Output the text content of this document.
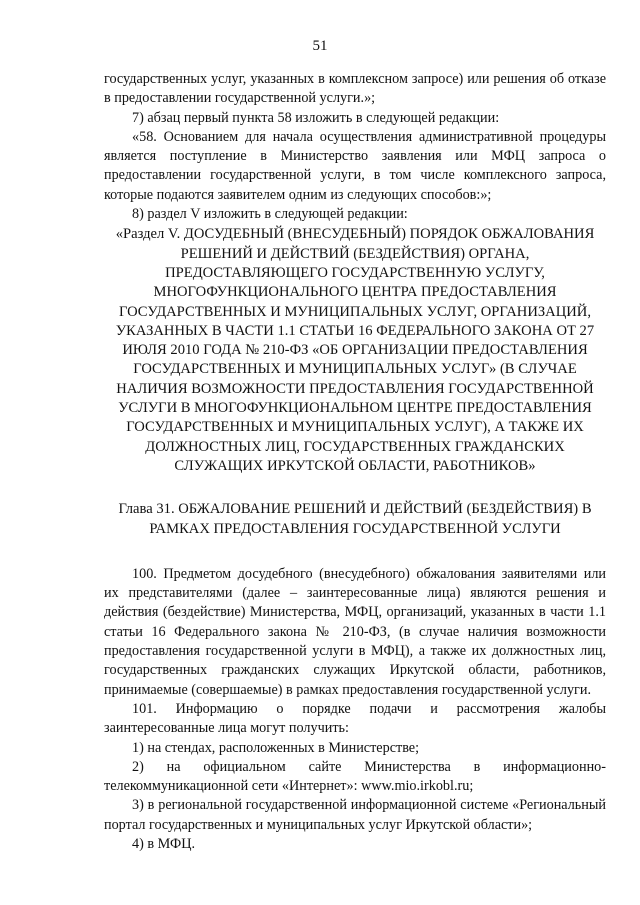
51

государственных услуг, указанных в комплексном запросе) или решения об отказе в предоставлении государственной услуги.»;

7) абзац первый пункта 58 изложить в следующей редакции:

«58. Основанием для начала осуществления административной процедуры является поступление в Министерство заявления или МФЦ запроса о предоставлении государственной услуги, в том числе комплексного запроса, которые подаются заявителем одним из следующих способов:»;

8) раздел V изложить в следующей редакции:

«Раздел V. ДОСУДЕБНЫЙ (ВНЕСУДЕБНЫЙ) ПОРЯДОК ОБЖАЛОВАНИЯ РЕШЕНИЙ И ДЕЙСТВИЙ (БЕЗДЕЙСТВИЯ) ОРГАНА, ПРЕДОСТАВЛЯЮЩЕГО ГОСУДАРСТВЕННУЮ УСЛУГУ, МНОГОФУНКЦИОНАЛЬНОГО ЦЕНТРА ПРЕДОСТАВЛЕНИЯ ГОСУДАРСТВЕННЫХ И МУНИЦИПАЛЬНЫХ УСЛУГ, ОРГАНИЗАЦИЙ, УКАЗАННЫХ В ЧАСТИ 1.1 СТАТЬИ 16 ФЕДЕРАЛЬНОГО ЗАКОНА ОТ 27 ИЮЛЯ 2010 ГОДА № 210-ФЗ «ОБ ОРГАНИЗАЦИИ ПРЕДОСТАВЛЕНИЯ ГОСУДАРСТВЕННЫХ И МУНИЦИПАЛЬНЫХ УСЛУГ» (В СЛУЧАЕ НАЛИЧИЯ ВОЗМОЖНОСТИ ПРЕДОСТАВЛЕНИЯ ГОСУДАРСТВЕННОЙ УСЛУГИ В МНОГОФУНКЦИОНАЛЬНОМ ЦЕНТРЕ ПРЕДОСТАВЛЕНИЯ ГОСУДАРСТВЕННЫХ И МУНИЦИПАЛЬНЫХ УСЛУГ), А ТАКЖЕ ИХ ДОЛЖНОСТНЫХ ЛИЦ, ГОСУДАРСТВЕННЫХ ГРАЖДАНСКИХ СЛУЖАЩИХ ИРКУТСКОЙ ОБЛАСТИ, РАБОТНИКОВ»

Глава 31. ОБЖАЛОВАНИЕ РЕШЕНИЙ И ДЕЙСТВИЙ (БЕЗДЕЙСТВИЯ) В РАМКАХ ПРЕДОСТАВЛЕНИЯ ГОСУДАРСТВЕННОЙ УСЛУГИ

100. Предметом досудебного (внесудебного) обжалования заявителями или их представителями (далее – заинтересованные лица) являются решения и действия (бездействие) Министерства, МФЦ, организаций, указанных в части 1.1 статьи 16 Федерального закона № 210-ФЗ, (в случае наличия возможности предоставления государственной услуги в МФЦ), а также их должностных лиц, государственных гражданских служащих Иркутской области, работников, принимаемые (совершаемые) в рамках предоставления государственной услуги.

101. Информацию о порядке подачи и рассмотрения жалобы заинтересованные лица могут получить:

1) на стендах, расположенных в Министерстве;

2) на официальном сайте Министерства в информационно-телекоммуникационной сети «Интернет»: www.mio.irkobl.ru;

3) в региональной государственной информационной системе «Региональный портал государственных и муниципальных услуг Иркутской области»;

4) в МФЦ.
